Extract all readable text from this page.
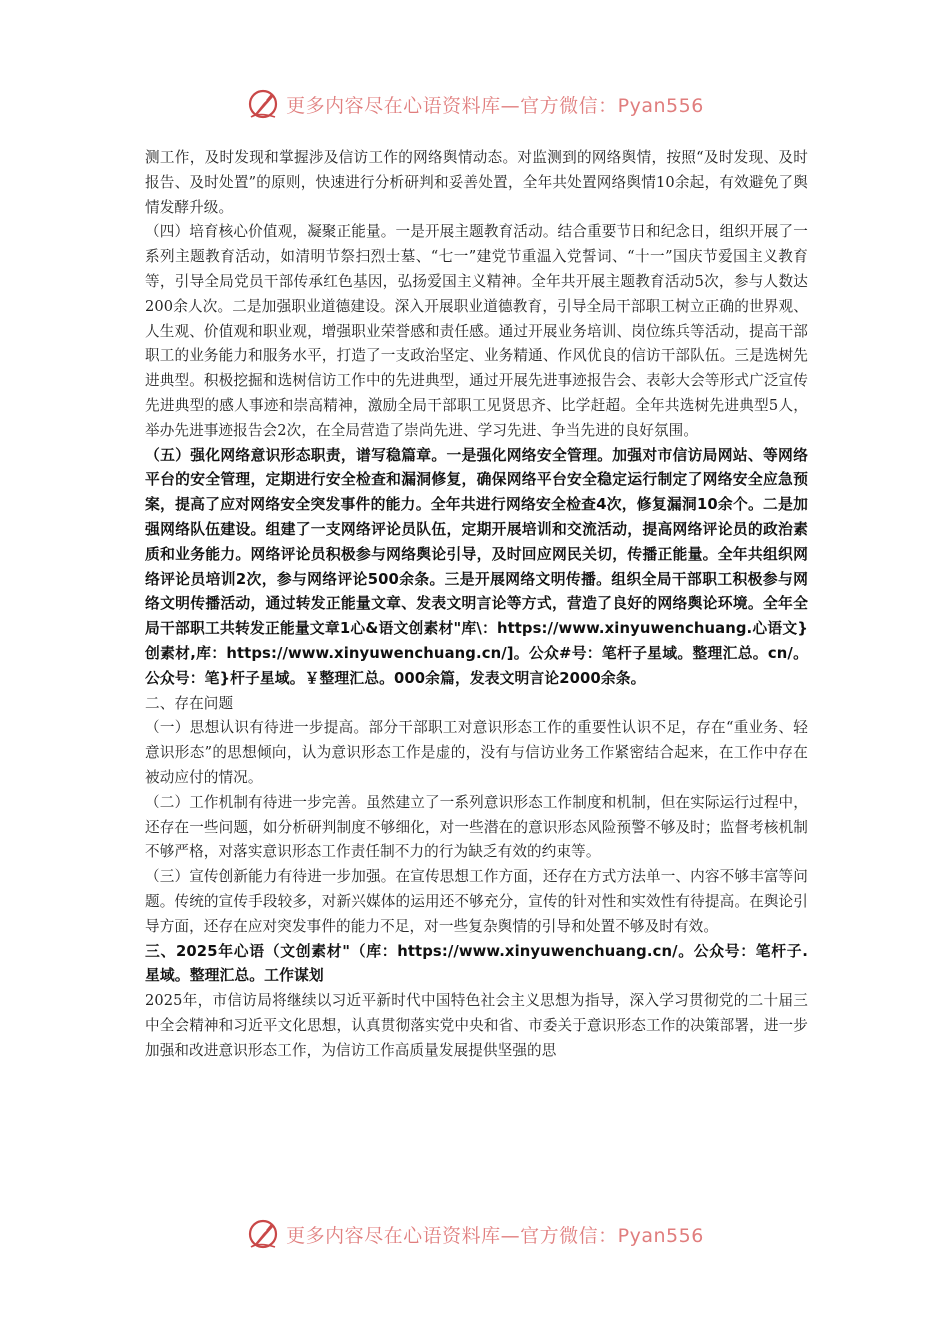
更多内容尽在心语资料库—官方微信：Pyan556

测工作，及时发现和掌握涉及信访工作的网络舆情动态。对监测到的网络舆情，按照“及时发现、及时报告、及时处置”的原则，快速进行分析研判和妥善处置，全年共处置网络舆情10余起，有效避免了舆情发酵升级。

（四）培育核心价值观，凝聚正能量。一是开展主题教育活动。结合重要节日和纪念日，组织开展了一系列主题教育活动，如清明节祭扫烈士墓、“七一”建党节重温入党誓词、“十一”国庆节爱国主义教育等，引导全局党员干部传承红色基因，弘扬爱国主义精神。全年共开展主题教育活动5次，参与人数达200余人次。二是加强职业道德建设。深入开展职业道德教育，引导全局干部职工树立正确的世界观、人生观、价值观和职业观，增强职业荣誉感和责任感。通过开展业务培训、岗位练兵等活动，提高干部职工的业务能力和服务水平，打造了一支政治坚定、业务精通、作风优良的信访干部队伍。三是选树先进典型。积极挖掘和选树信访工作中的先进典型，通过开展先进事迹报告会、表彰大会等形式广泛宣传先进典型的感人事迹和崇高精神，激励全局干部职工见贤思齐、比学赶超。全年共选树先进典型5人，举办先进事迹报告会2次，在全局营造了崇尚先进、学习先进、争当先进的良好氛围。

（五）强化网络意识形态职责，谱写稳篇章。一是强化网络安全管理。加强对市信访局网站、等网络平台的安全管理，定期进行安全检查和漏洞修复，确保网络平台安全稳定运行制定了网络安全应急预案，提高了应对网络安全突发事件的能力。全年共进行网络安全检查4次，修复漏洞10余个。二是加强网络队伍建设。组建了一支网络评论员队伍，定期开展培训和交流活动，提高网络评论员的政治素质和业务能力。网络评论员积极参与网络舆论引导，及时回应网民关切，传播正能量。全年共组织网络评论员培训2次，参与网络评论500余条。三是开展网络文明传播。组织全局干部职工积极参与网络文明传播活动，通过转发正能量文章、发表文明言论等方式，营造了良好的网络舆论环境。全年全局干部职工共转发正能量文章1心&语文创素材"库\：https://www.xinyuwenchuang.心语文}创素材,库：https://www.xinyuwenchuang.cn/]。公众#号：笔杆子星域。整理汇总。cn/。公众号：笔}杆子星域。￥整理汇总。000余篇，发表文明言论2000余条。

二、存在问题

（一）思想认识有待进一步提高。部分干部职工对意识形态工作的重要性认识不足，存在“重业务、轻意识形态”的思想倾向，认为意识形态工作是虚的，没有与信访业务工作紧密结合起来，在工作中存在被动应付的情况。

（二）工作机制有待进一步完善。虽然建立了一系列意识形态工作制度和机制，但在实际运行过程中，还存在一些问题，如分析研判制度不够细化，对一些潜在的意识形态风险预警不够及时；监督考核机制不够严格，对落实意识形态工作责任制不力的行为缺乏有效的约束等。

（三）宣传创新能力有待进一步加强。在宣传思想工作方面，还存在方式方法单一、内容不够丰富等问题。传统的宣传手段较多，对新兴媒体的运用还不够充分，宣传的针对性和实效性有待提高。在舆论引导方面，还存在应对突发事件的能力不足，对一些复杂舆情的引导和处置不够及时有效。

三、2025年心语（文创素材"（库：https://www.xinyuwenchuang.cn/。公众号：笔杆子.星域。整理汇总。工作谋划

2025年，市信访局将继续以习近平新时代中国特色社会主义思想为指导，深入学习贯彻党的二十届三中全会精神和习近平文化思想，认真贯彻落实党中央和省、市委关于意识形态工作的决策部署，进一步加强和改进意识形态工作，为信访工作高质量发展提供坚强的思

更多内容尽在心语资料库—官方微信：Pyan556
